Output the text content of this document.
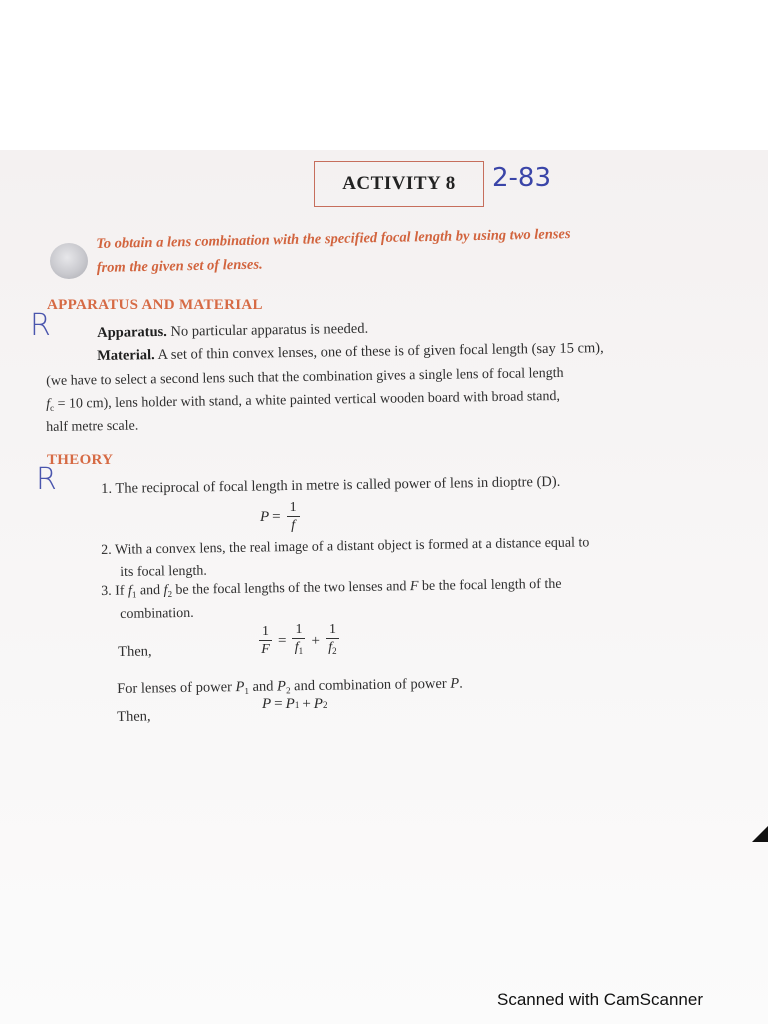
ACTIVITY 8	2-83
To obtain a lens combination with the specified focal length by using two lenses
from the given set of lenses.
APPARATUS AND MATERIAL
R	Apparatus. No particular apparatus is needed.
Material. A set of thin convex lenses, one of these is of given focal length (say 15 cm),
(we have to select a second lens such that the combination gives a single lens of focal length
$f_c = 10$ cm), lens holder with stand, a white painted vertical wooden board with broad stand,
half metre scale.
THEORY
R	1. The reciprocal of focal length in metre is called power of lens in dioptre (D).
$P = \frac{1}{f}$
2. With a convex lens, the real image of a distant object is formed at a distance equal to
its focal length.
3. If $f_1$ and $f_2$ be the focal lengths of the two lenses and F be the focal length of the
combination.
Then,	$\frac{1}{F} = \frac{1}{f_1} + \frac{1}{f_2}$
For lenses of power $P_1$ and $P_2$ and combination of power P.
Then,
P = P 1 + P 2
Scanned with CamScanner
